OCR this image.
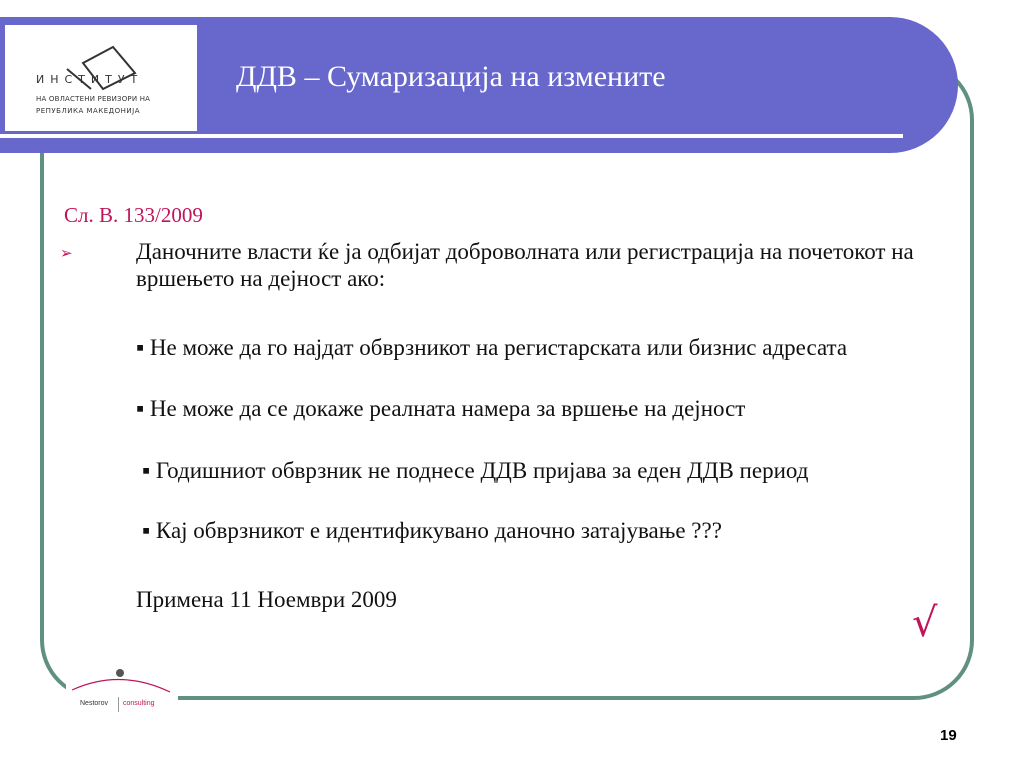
ИНСТИТУТ
НА ОВЛАСТЕНИ РЕВИЗОРИ НА
РЕПУБЛИКА МАКЕДОНИЈА
ДДВ – Сумаризација на измените
Сл. В. 133/2009
➢	Даночните власти ќе ја одбијат доброволната или регистрација на почетокот на вршењето на дејност ако:
▪ Не може да го најдат обврзникот на регистарската или бизнис адресата
▪ Не може да се докаже реалната намера за вршење на дејност
▪ Годишниот обврзник не поднесе ДДВ пријава за еден ДДВ период
▪ Кај обврзникот е идентификувано даночно затајување ???
Примена 11 Ноември 2009
√
Nestorov consulting
19
